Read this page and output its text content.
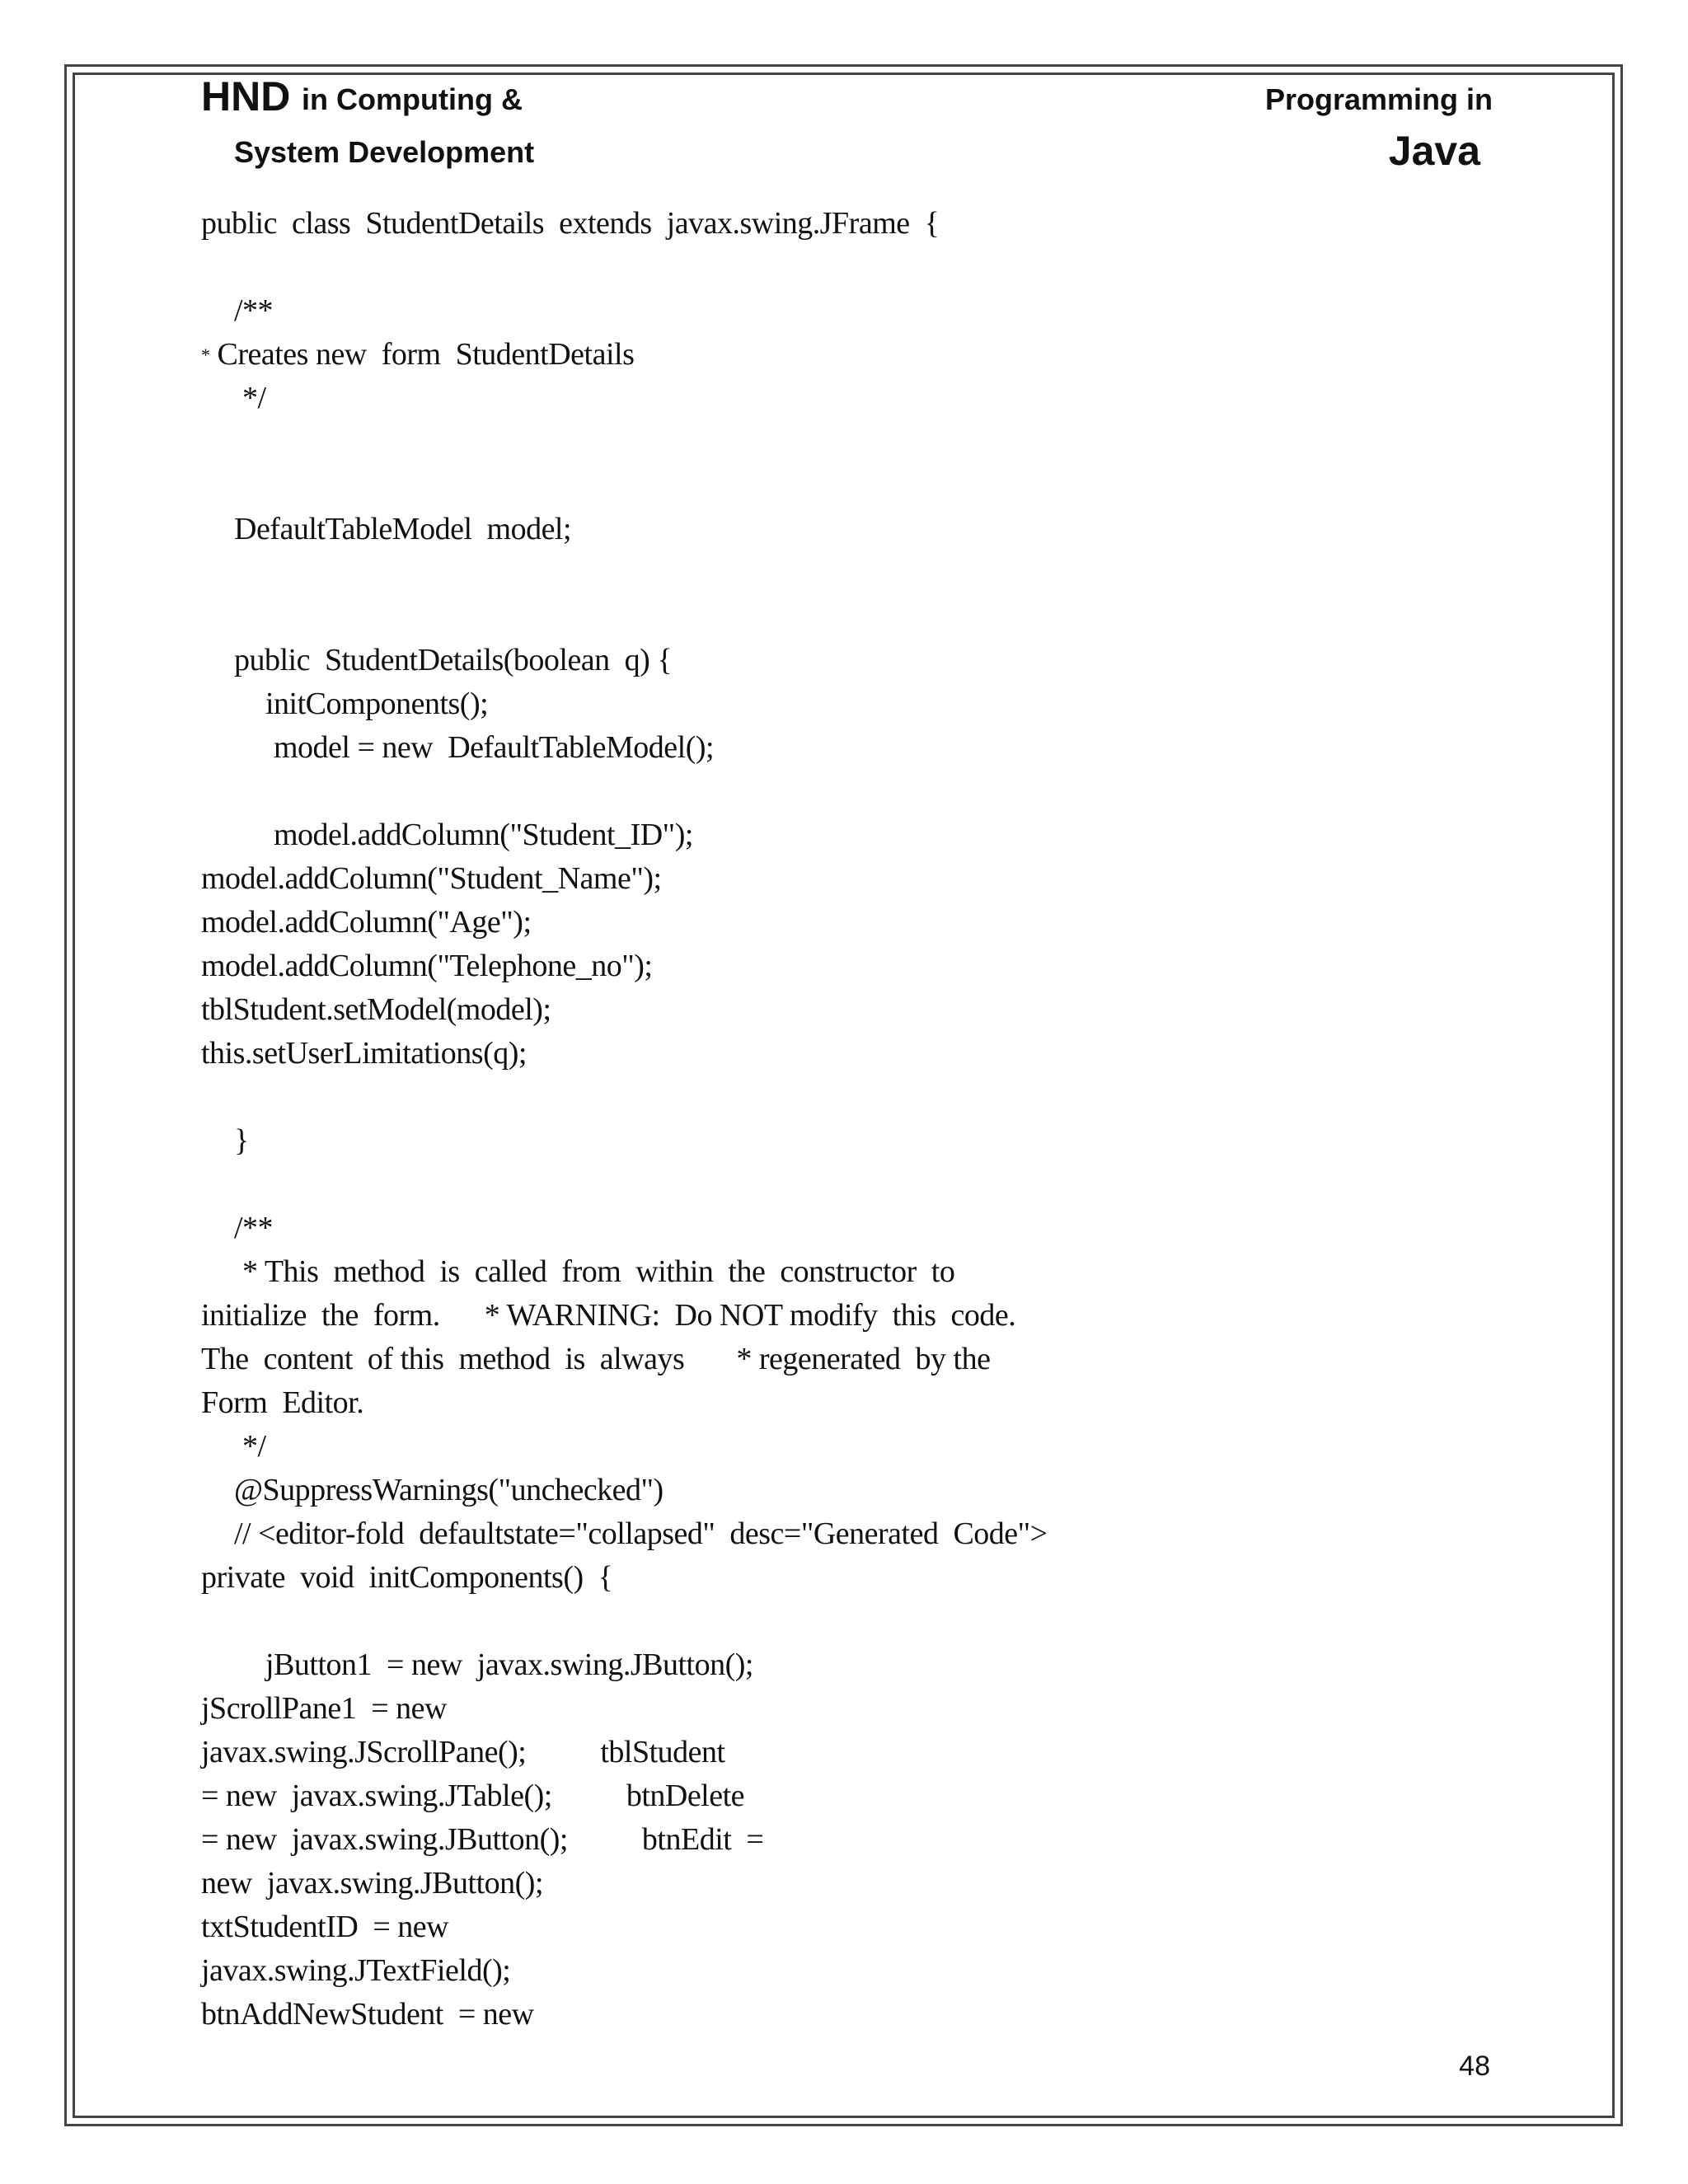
HND in Computing &
System Development
Programming in
Java
public  class  StudentDetails  extends  javax.swing.JFrame  {
/**
* Creates new  form  StudentDetails
*/
DefaultTableModel  model;
public  StudentDetails(boolean  q) {
initComponents();
model = new  DefaultTableModel();
model.addColumn("Student_ID");
model.addColumn("Student_Name");
model.addColumn("Age");
model.addColumn("Telephone_no");
tblStudent.setModel(model);
this.setUserLimitations(q);
}
/**
* This  method  is  called  from  within  the  constructor  to
initialize  the  form.      * WARNING:  Do NOT modify  this  code.
The  content  of this  method  is  always       * regenerated  by the
Form  Editor.
*/
@SuppressWarnings("unchecked")
// <editor-fold  defaultstate="collapsed"  desc="Generated  Code">
private  void  initComponents()  {
jButton1  = new  javax.swing.JButton();
jScrollPane1  = new
javax.swing.JScrollPane();          tblStudent
= new  javax.swing.JTable();          btnDelete
= new  javax.swing.JButton();          btnEdit  =
new  javax.swing.JButton();
txtStudentID  = new
javax.swing.JTextField();
btnAddNewStudent  = new
48
